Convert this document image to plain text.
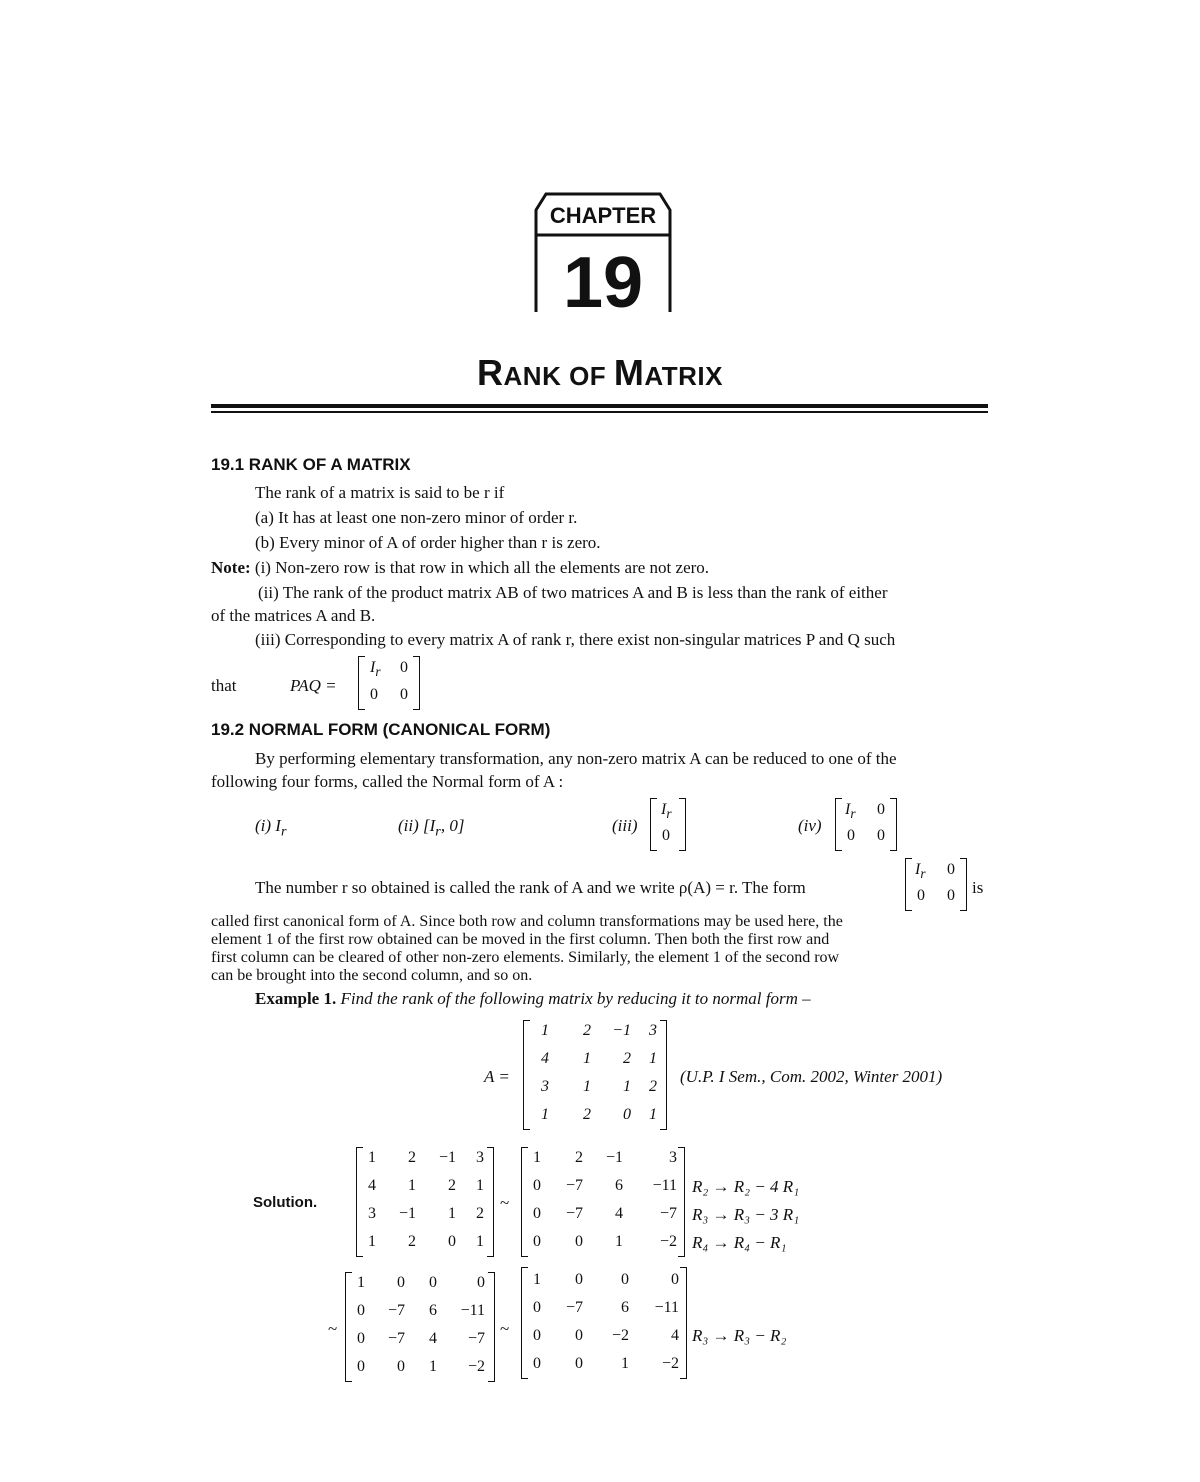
CHAPTER
19
RANK OF MATRIX
19.1 RANK OF A MATRIX
The rank of a matrix is said to be r if
(a) It has at least one non-zero minor of order r.
(b) Every minor of A of order higher than r is zero.
Note: (i) Non-zero row is that row in which all the elements are not zero.
(ii) The rank of the product matrix AB of two matrices A and B is less than the rank of either
of the matrices A and B.
(iii) Corresponding to every matrix A of rank r, there exist non-singular matrices P and Q such
that	PAQ =
$I_r$ 0
0 0
19.2 NORMAL FORM (CANONICAL FORM)
By performing elementary transformation, any non-zero matrix A can be reduced to one of the
following four forms, called the Normal form of A :
(i) $I_r$	(ii) [$I_r$, 0]	(iii)
$I_r$
0
(iv)
$I_r$ 0
0 0
The number r so obtained is called the rank of A and we write ρ(A) = r. The form
$I_r$ 0
0 0 is
called first canonical form of A. Since both row and column transformations may be used here, the
element 1 of the first row obtained can be moved in the first column. Then both the first row and
first column can be cleared of other non-zero elements. Similarly, the element 1 of the second row
can be brought into the second column, and so on.
Example 1. Find the rank of the following matrix by reducing it to normal form –
A =
1 2 −1 3
4 1 2 1
3 1 1 2
1 2 0 1
(U.P. I Sem., Com. 2002, Winter 2001)
Solution.
1 2 −1 3
4 1 2 1
3 −1 1 2
1 2 0 1
~
1 2 −1	3
0 −7 6 −11
0 −7 4 −7
0 0 1 −2
R₂ → R₂ − 4 R₁
R₃ → R₃ − 3 R₁
R₄ → R₄ − R₁
~
1 0 0	0
0 −7 6 −11
0 −7 4 −7
0 0 1 −2
~
1 0 0	0
0 −7 6 −11
0 0 −2	4
0 0 1 −2
R₃ → R₃ − R₂
